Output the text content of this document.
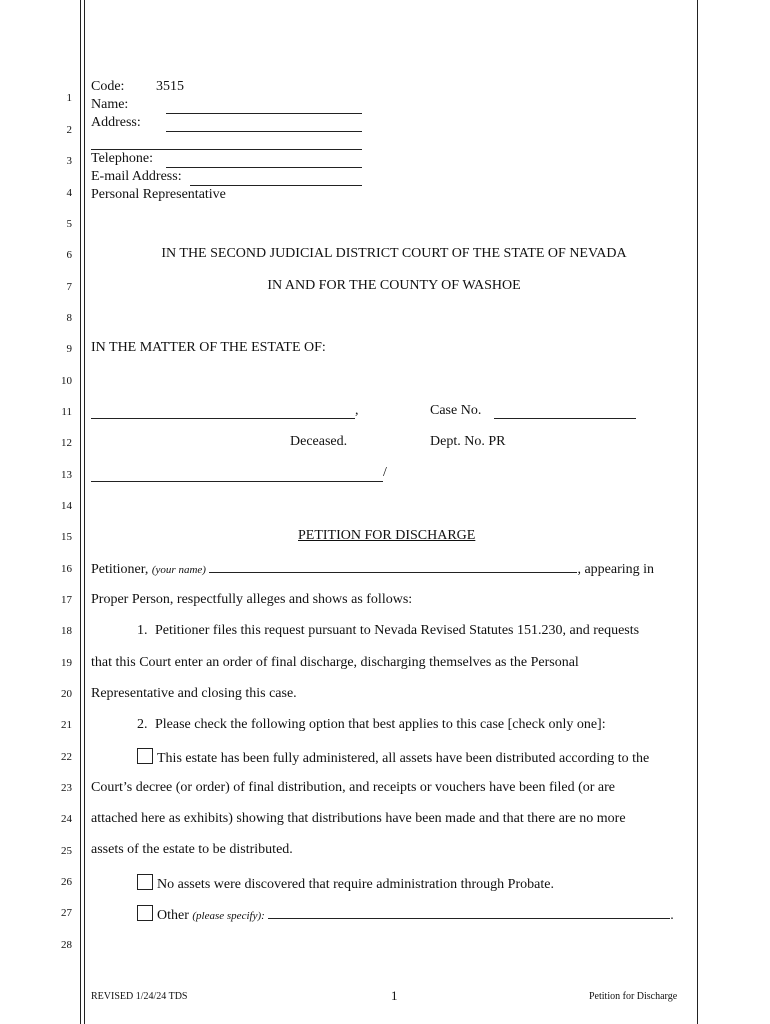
1
2
3
4
5
6
7
8
9
10
11
12
13
14
15
16
17
18
19
20
21
22
23
24
25
26
27
28
Code: 3515
Name:
Address:
Telephone:
E-mail Address:
Personal Representative
IN THE SECOND JUDICIAL DISTRICT COURT OF THE STATE OF NEVADA
IN AND FOR THE COUNTY OF WASHOE
IN THE MATTER OF THE ESTATE OF:
,	Case No.
Deceased.	Dept. No. PR
/
PETITION FOR DISCHARGE
Petitioner, (your name)	, appearing in
Proper Person, respectfully alleges and shows as follows:
1. Petitioner files this request pursuant to Nevada Revised Statutes 151.230, and requests
that this Court enter an order of final discharge, discharging themselves as the Personal
Representative and closing this case.
2. Please check the following option that best applies to this case [check only one]:
This estate has been fully administered, all assets have been distributed according to the
Court’s decree (or order) of final distribution, and receipts or vouchers have been filed (or are
attached here as exhibits) showing that distributions have been made and that there are no more
assets of the estate to be distributed.
No assets were discovered that require administration through Probate.
Other (please specify):	.
REVISED 1/24/24 TDS	1	Petition for Discharge
